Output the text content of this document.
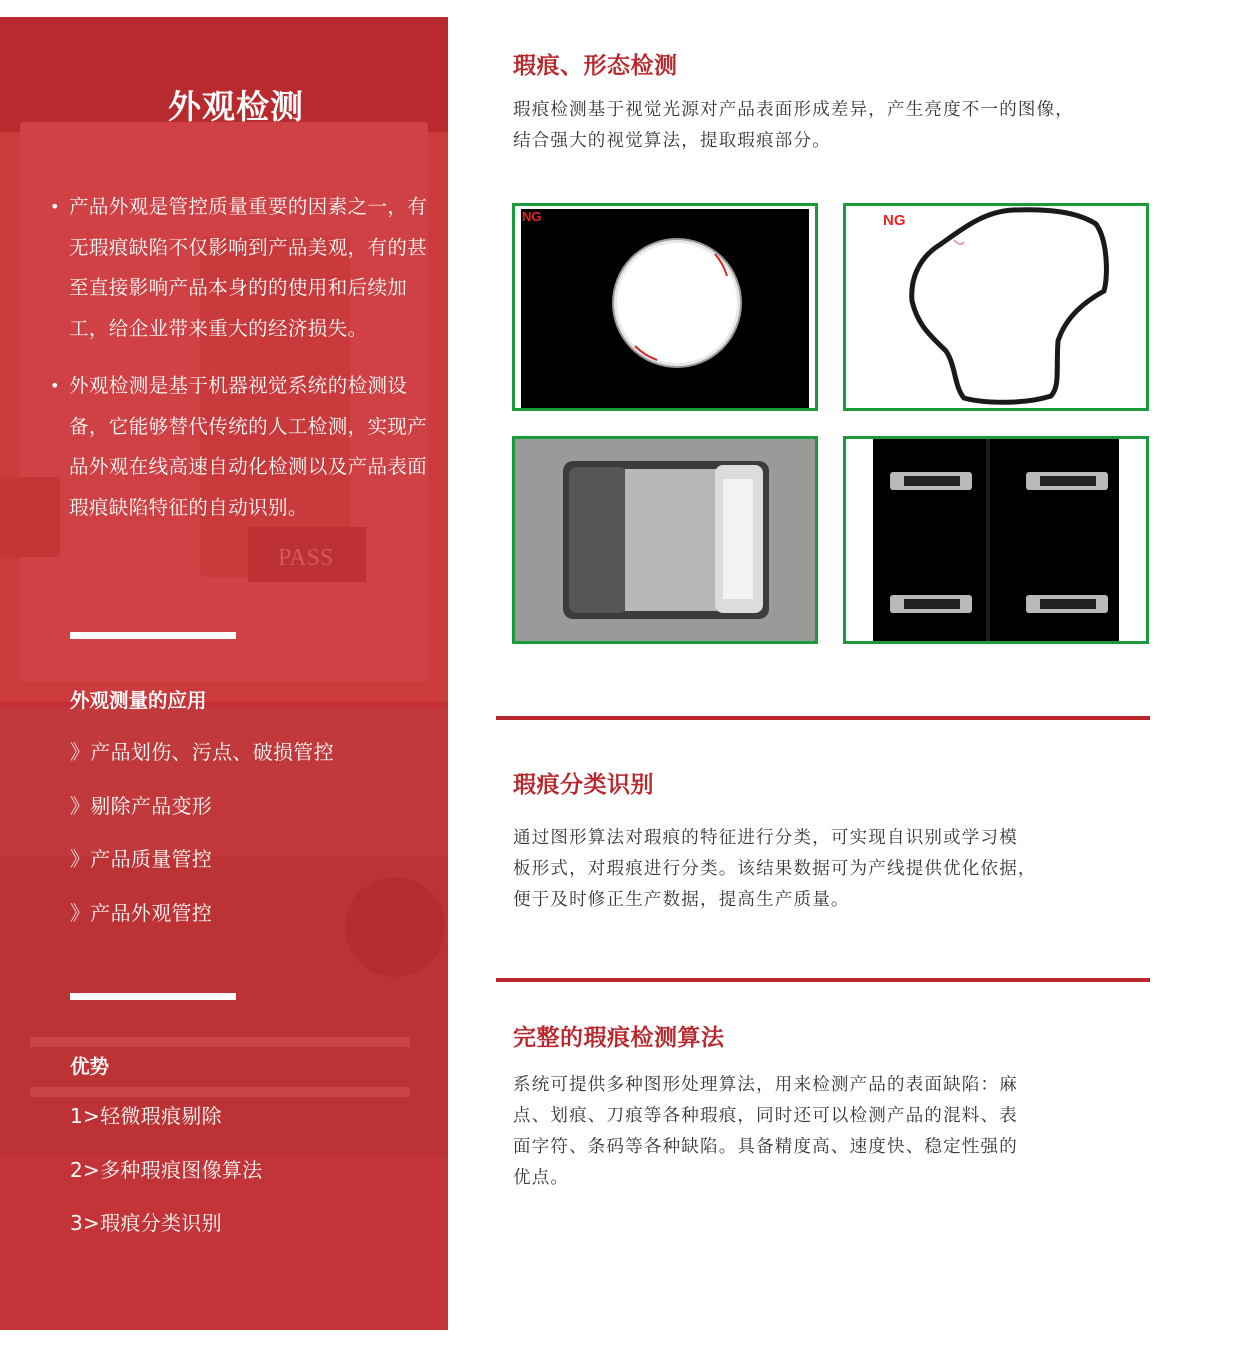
PASS
外观检测
• 产品外观是管控质量重要的因素之一，有无瑕痕缺陷不仅影响到产品美观，有的甚至直接影响产品本身的的使用和后续加工，给企业带来重大的经济损失。
• 外观检测是基于机器视觉系统的检测设备，它能够替代传统的人工检测，实现产品外观在线高速自动化检测以及产品表面瑕痕缺陷特征的自动识别。
外观测量的应用
》产品划伤、污点、破损管控
》剔除产品变形
》产品质量管控
》产品外观管控
优势
1>轻微瑕痕剔除
2>多种瑕痕图像算法
3>瑕痕分类识别
瑕痕、形态检测

瑕痕检测基于视觉光源对产品表面形成差异，产生亮度不一的图像，
结合强大的视觉算法，提取瑕痕部分。

NG	NG
瑕痕分类识别

通过图形算法对瑕痕的特征进行分类，可实现自识别或学习模
板形式，对瑕痕进行分类。该结果数据可为产线提供优化依据，
便于及时修正生产数据，提高生产质量。

完整的瑕痕检测算法

系统可提供多种图形处理算法，用来检测产品的表面缺陷：麻
点、划痕、刀痕等各种瑕痕，同时还可以检测产品的混料、表
面字符、条码等各种缺陷。具备精度高、速度快、稳定性强的
优点。
